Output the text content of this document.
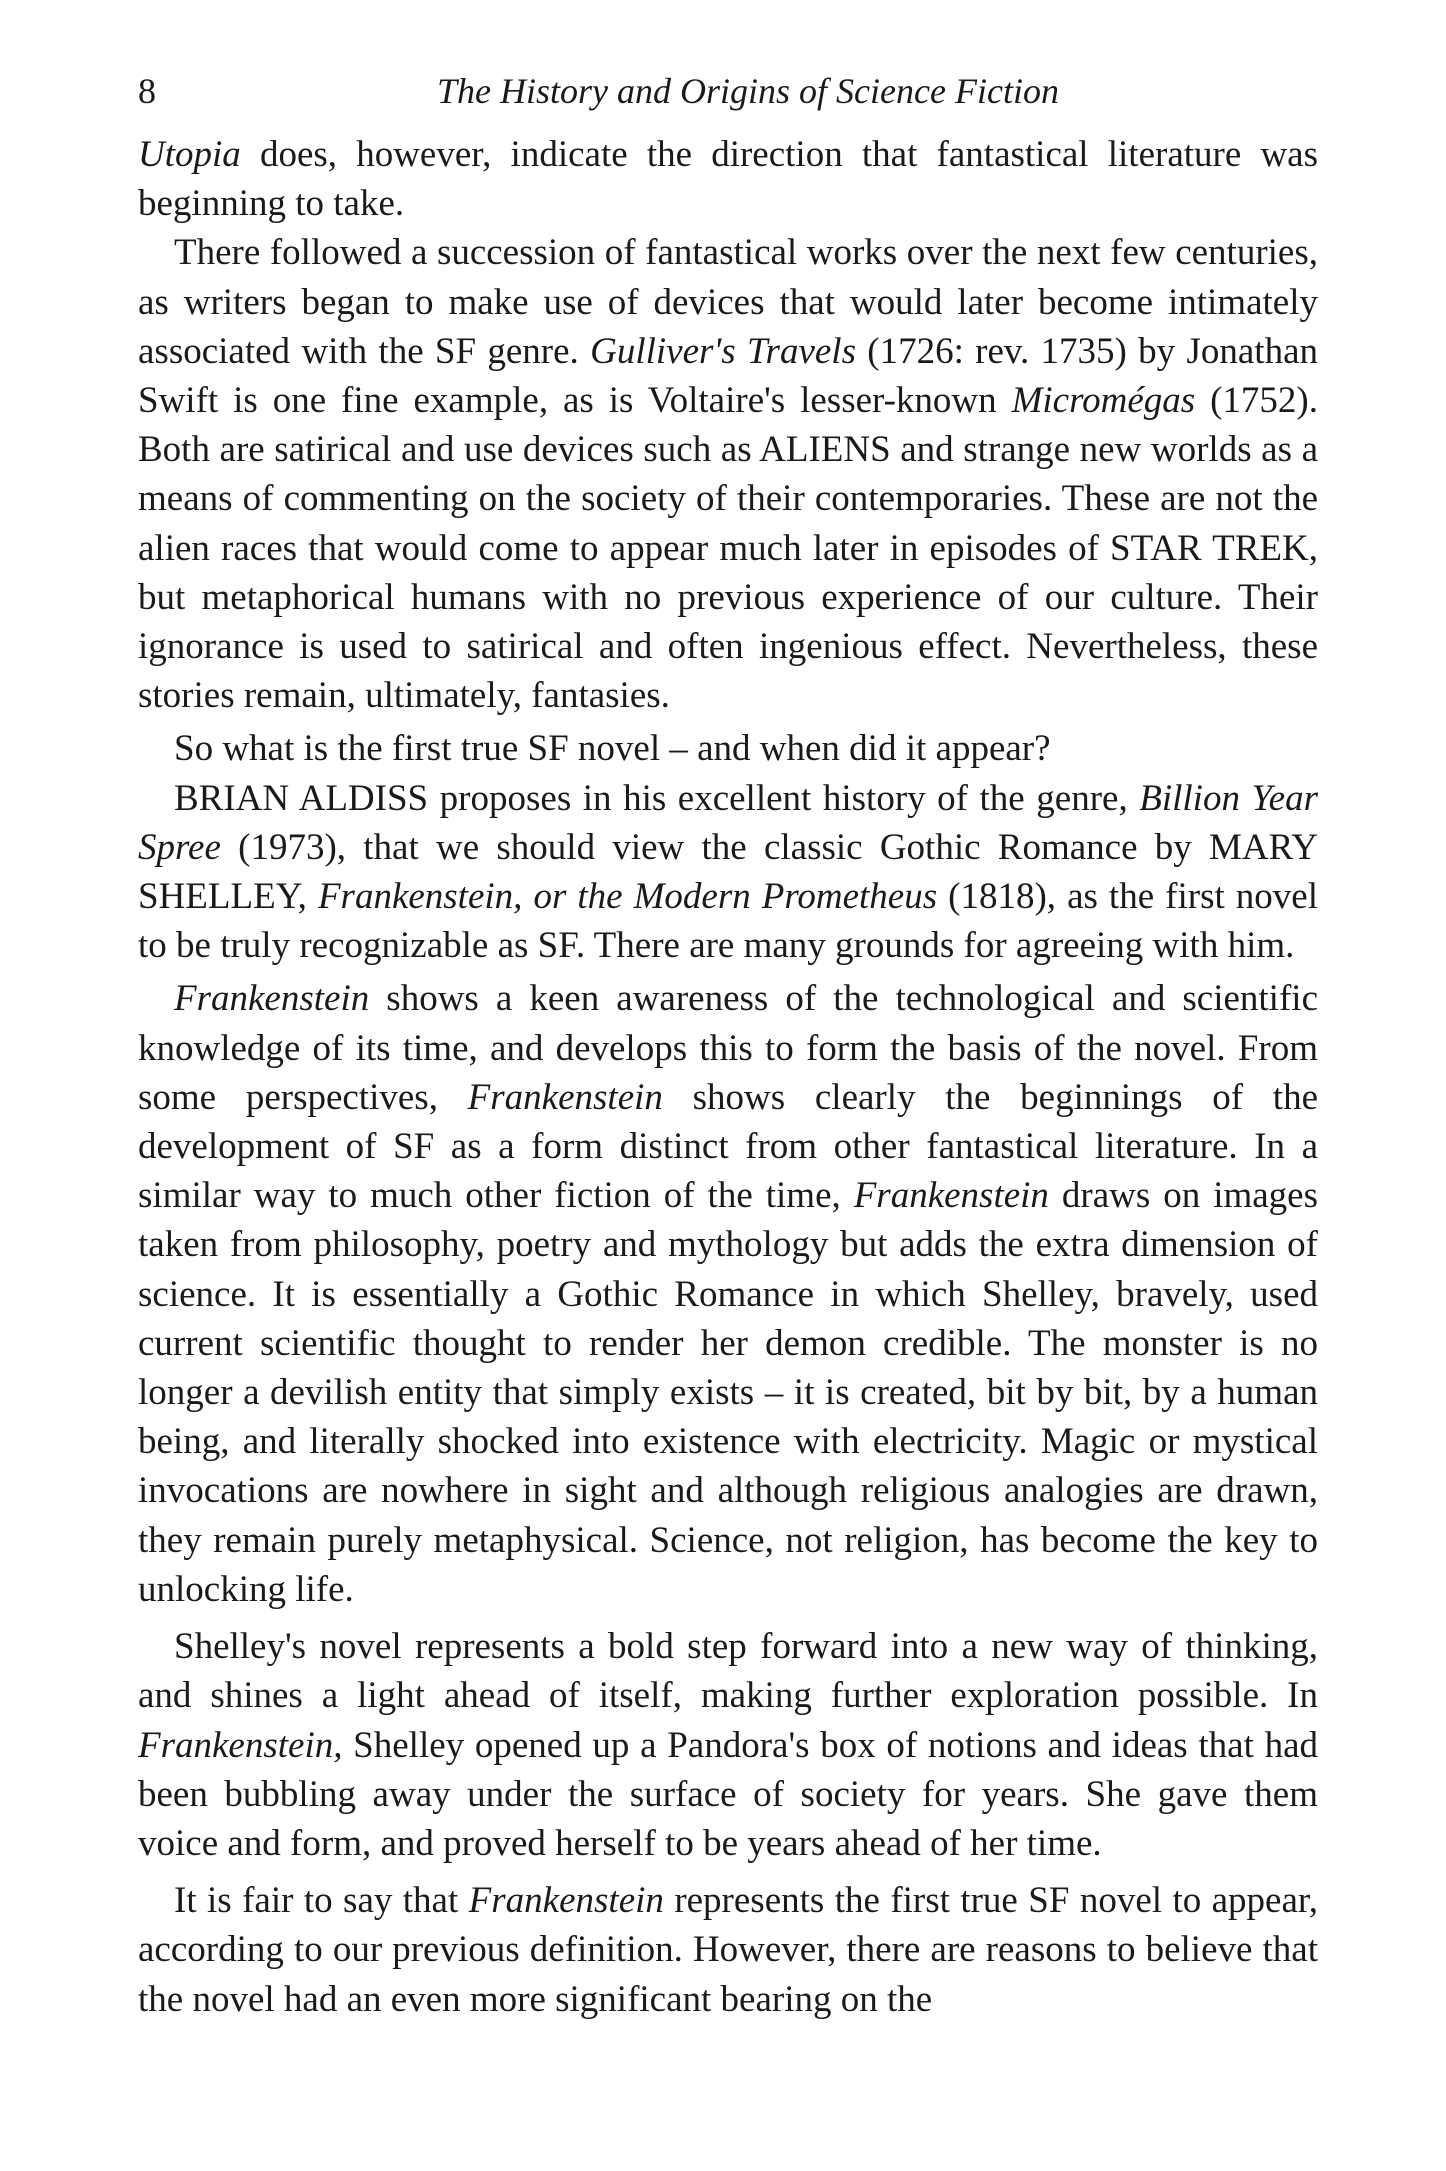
8	The History and Origins of Science Fiction

Utopia does, however, indicate the direction that fantastical literature was beginning to take.

There followed a succession of fantastical works over the next few centuries, as writers began to make use of devices that would later become intimately associated with the SF genre. Gulliver's Travels (1726: rev. 1735) by Jonathan Swift is one fine example, as is Voltaire's lesser-known Micromégas (1752). Both are satirical and use devices such as ALIENS and strange new worlds as a means of commenting on the society of their contemporaries. These are not the alien races that would come to appear much later in episodes of STAR TREK, but metaphorical humans with no previous experience of our culture. Their ignorance is used to satirical and often ingenious effect. Nevertheless, these stories remain, ultimately, fantasies.

So what is the first true SF novel – and when did it appear?

BRIAN ALDISS proposes in his excellent history of the genre, Billion Year Spree (1973), that we should view the classic Gothic Romance by MARY SHELLEY, Frankenstein, or the Modern Prometheus (1818), as the first novel to be truly recognizable as SF. There are many grounds for agreeing with him.

Frankenstein shows a keen awareness of the technological and scientific knowledge of its time, and develops this to form the basis of the novel. From some perspectives, Frankenstein shows clearly the beginnings of the development of SF as a form distinct from other fantastical literature. In a similar way to much other fiction of the time, Frankenstein draws on images taken from philosophy, poetry and mythology but adds the extra dimension of science. It is essentially a Gothic Romance in which Shelley, bravely, used current scientific thought to render her demon credible. The monster is no longer a devilish entity that simply exists – it is created, bit by bit, by a human being, and literally shocked into existence with electricity. Magic or mystical invocations are nowhere in sight and although religious analogies are drawn, they remain purely metaphysical. Science, not religion, has become the key to unlocking life.

Shelley's novel represents a bold step forward into a new way of thinking, and shines a light ahead of itself, making further exploration possible. In Frankenstein, Shelley opened up a Pandora's box of notions and ideas that had been bubbling away under the surface of society for years. She gave them voice and form, and proved herself to be years ahead of her time.

It is fair to say that Frankenstein represents the first true SF novel to appear, according to our previous definition. However, there are reasons to believe that the novel had an even more significant bearing on the
